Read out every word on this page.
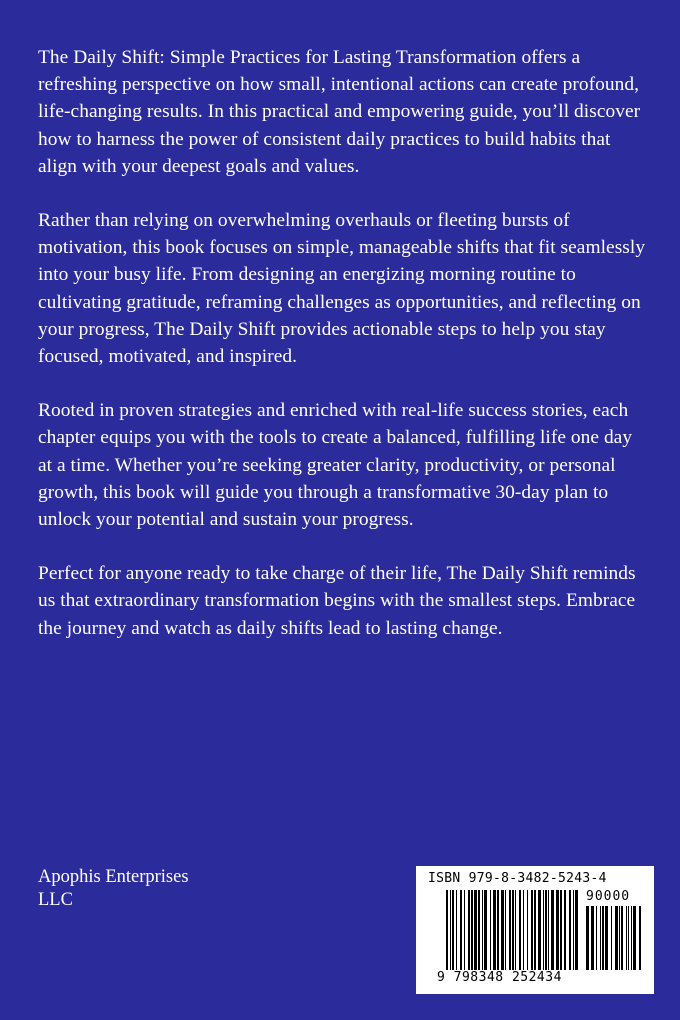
The Daily Shift: Simple Practices for Lasting Transformation offers a refreshing perspective on how small, intentional actions can create profound, life-changing results. In this practical and empowering guide, you’ll discover how to harness the power of consistent daily practices to build habits that align with your deepest goals and values.

Rather than relying on overwhelming overhauls or fleeting bursts of motivation, this book focuses on simple, manageable shifts that fit seamlessly into your busy life. From designing an energizing morning routine to cultivating gratitude, reframing challenges as opportunities, and reflecting on your progress, The Daily Shift provides actionable steps to help you stay focused, motivated, and inspired.

Rooted in proven strategies and enriched with real-life success stories, each chapter equips you with the tools to create a balanced, fulfilling life one day at a time. Whether you’re seeking greater clarity, productivity, or personal growth, this book will guide you through a transformative 30-day plan to unlock your potential and sustain your progress.

Perfect for anyone ready to take charge of their life, The Daily Shift reminds us that extraordinary transformation begins with the smallest steps. Embrace the journey and watch as daily shifts lead to lasting change.

Apophis Enterprises
LLC
ISBN 979-8-3482-5243-4
90000
9 798348 252434
